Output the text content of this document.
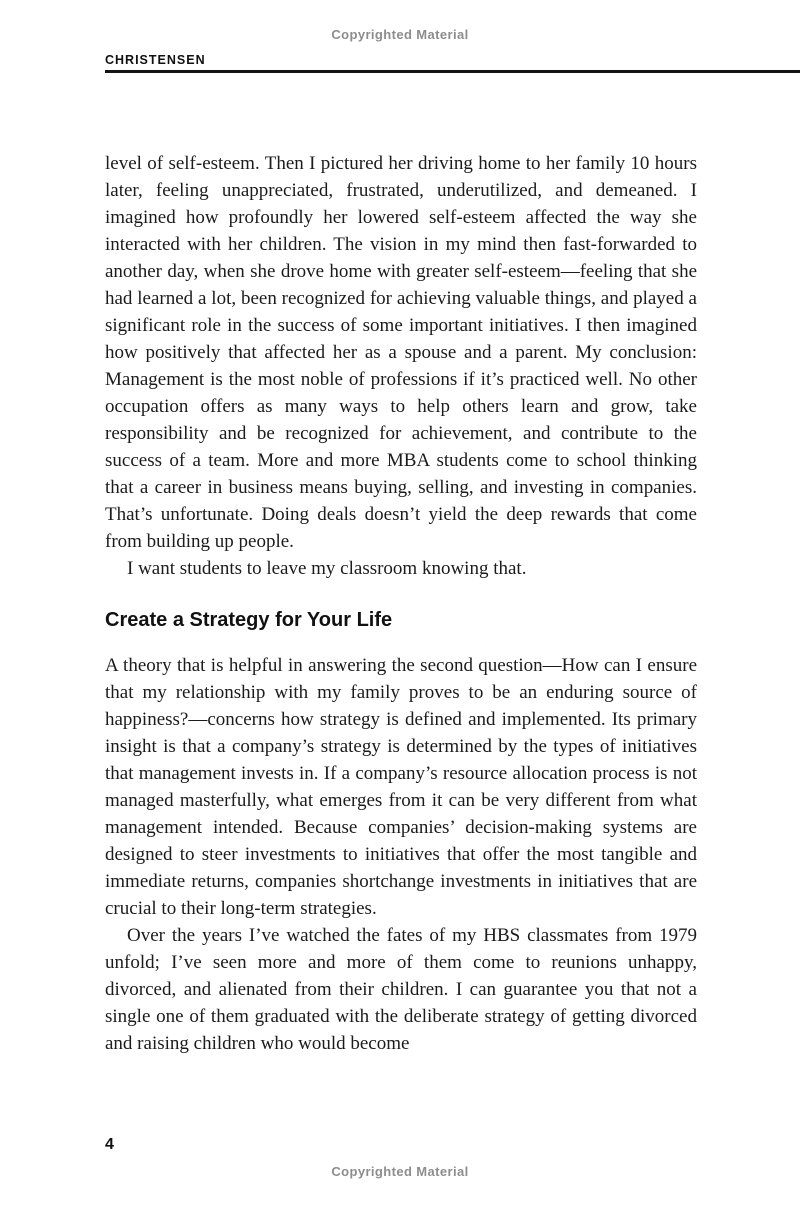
Copyrighted Material
CHRISTENSEN

level of self-esteem. Then I pictured her driving home to her family 10 hours later, feeling unappreciated, frustrated, underutilized, and demeaned. I imagined how profoundly her lowered self-esteem affected the way she interacted with her children. The vision in my mind then fast-forwarded to another day, when she drove home with greater self-esteem—feeling that she had learned a lot, been recognized for achieving valuable things, and played a significant role in the success of some important initiatives. I then imagined how positively that affected her as a spouse and a parent. My conclusion: Management is the most noble of professions if it’s practiced well. No other occupation offers as many ways to help others learn and grow, take responsibility and be recognized for achievement, and contribute to the success of a team. More and more MBA students come to school thinking that a career in business means buying, selling, and investing in companies. That’s unfortunate. Doing deals doesn’t yield the deep rewards that come from building up people.

I want students to leave my classroom knowing that.

Create a Strategy for Your Life

A theory that is helpful in answering the second question—How can I ensure that my relationship with my family proves to be an enduring source of happiness?—concerns how strategy is defined and implemented. Its primary insight is that a company’s strategy is determined by the types of initiatives that management invests in. If a company’s resource allocation process is not managed masterfully, what emerges from it can be very different from what management intended. Because companies’ decision-making systems are designed to steer investments to initiatives that offer the most tangible and immediate returns, companies shortchange investments in initiatives that are crucial to their long-term strategies.

Over the years I’ve watched the fates of my HBS classmates from 1979 unfold; I’ve seen more and more of them come to reunions unhappy, divorced, and alienated from their children. I can guarantee you that not a single one of them graduated with the deliberate strategy of getting divorced and raising children who would become

4
Copyrighted Material
